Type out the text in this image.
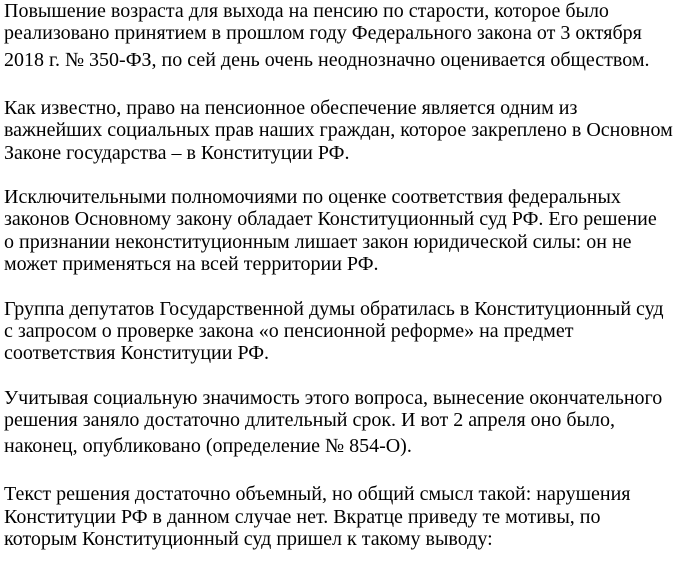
Повышение возраста для выхода на пенсию по старости, которое было
реализовано принятием в прошлом году Федерального закона от 3 октября
2018 г. № 350-ФЗ, по сей день очень неоднозначно оценивается обществом.
Как известно, право на пенсионное обеспечение является одним из
важнейших социальных прав наших граждан, которое закреплено в Основном
Законе государства – в Конституции РФ.
Исключительными полномочиями по оценке соответствия федеральных
законов Основному закону обладает Конституционный суд РФ. Его решение
о признании неконституционным лишает закон юридической силы: он не
может применяться на всей территории РФ.
Группа депутатов Государственной думы обратилась в Конституционный суд
с запросом о проверке закона «о пенсионной реформе» на предмет
соответствия Конституции РФ.
Учитывая социальную значимость этого вопроса, вынесение окончательного
решения заняло достаточно длительный срок. И вот 2 апреля оно было,
наконец, опубликовано (определение № 854-О).
Текст решения достаточно объемный, но общий смысл такой: нарушения
Конституции РФ в данном случае нет. Вкратце приведу те мотивы, по
которым Конституционный суд пришел к такому выводу:
